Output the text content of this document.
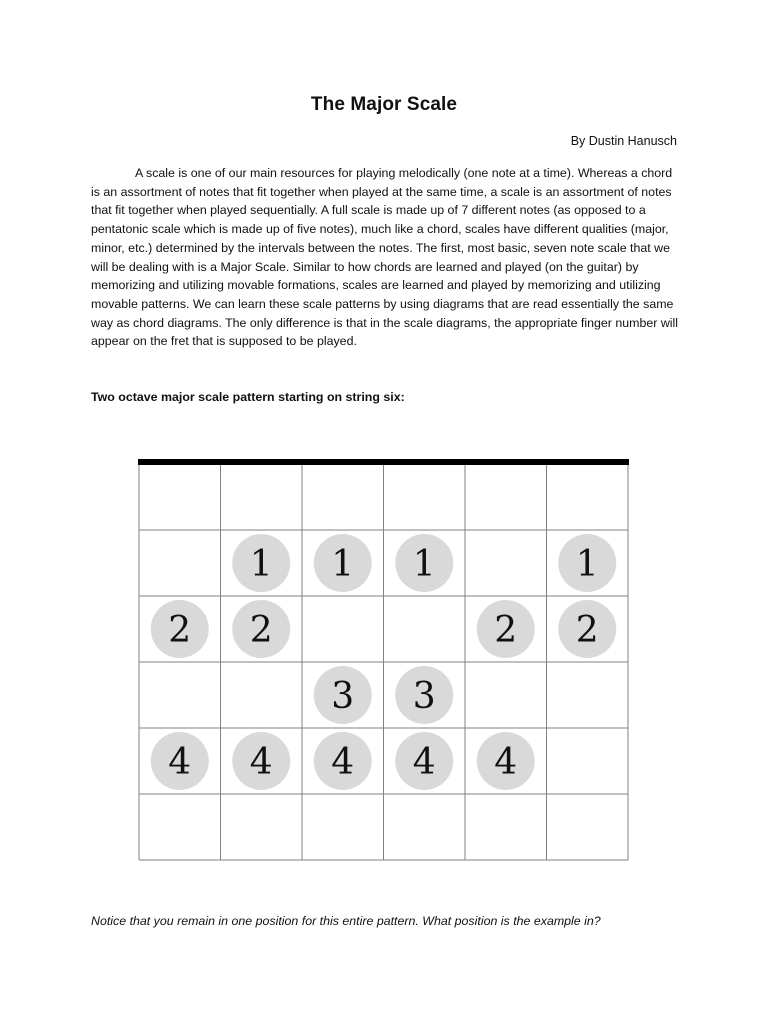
The Major Scale
By Dustin Hanusch

A scale is one of our main resources for playing melodically (one note at a time). Whereas a chord is an assortment of notes that fit together when played at the same time, a scale is an assortment of notes that fit together when played sequentially. A full scale is made up of 7 different notes (as opposed to a pentatonic scale which is made up of five notes), much like a chord, scales have different qualities (major, minor, etc.) determined by the intervals between the notes. The first, most basic, seven note scale that we will be dealing with is a Major Scale. Similar to how chords are learned and played (on the guitar) by memorizing and utilizing movable formations, scales are learned and played by memorizing and utilizing movable patterns. We can learn these scale patterns by using diagrams that are read essentially the same way as chord diagrams. The only difference is that in the scale diagrams, the appropriate finger number will appear on the fret that is supposed to be played.

Two octave major scale pattern starting on string six:
1 1 1	1
2 2	2 2
3 3
4 4 4 4 4
Notice that you remain in one position for this entire pattern. What position is the example in?
